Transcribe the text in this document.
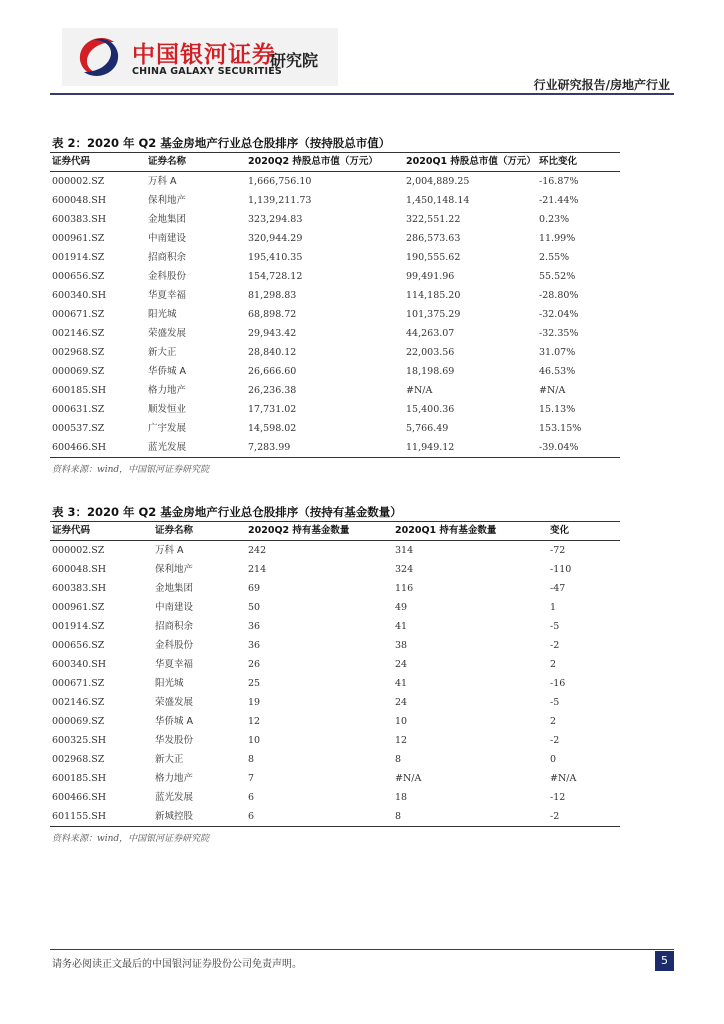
中国银河证券
CHINA GALAXY SECURITIES
研究院
行业研究报告/房地产行业
表 2：2020 年 Q2 基金房地产行业总仓股排序（按持股总市值）
证券代码	证券名称	2020Q2 持股总市值（万元）	2020Q1 持股总市值（万元） 环比变化
000002.SZ	万科 A	1,666,756.10	2,004,889.25	-16.87%
600048.SH	保利地产	1,139,211.73	1,450,148.14	-21.44%
600383.SH	金地集团	323,294.83	322,551.22	0.23%
000961.SZ	中南建设	320,944.29	286,573.63	11.99%
001914.SZ	招商积余	195,410.35	190,555.62	2.55%
000656.SZ	金科股份	154,728.12	99,491.96	55.52%
600340.SH	华夏幸福	81,298.83	114,185.20	-28.80%
000671.SZ	阳光城	68,898.72	101,375.29	-32.04%
002146.SZ	荣盛发展	29,943.42	44,263.07	-32.35%
002968.SZ	新大正	28,840.12	22,003.56	31.07%
000069.SZ	华侨城 A	26,666.60	18,198.69	46.53%
600185.SH	格力地产	26,236.38	#N/A	#N/A
000631.SZ	顺发恒业	17,731.02	15,400.36	15.13%
000537.SZ	广宇发展	14,598.02	5,766.49	153.15%
600466.SH	蓝光发展	7,283.99	11,949.12	-39.04%
资料来源：wind，中国银河证券研究院
表 3：2020 年 Q2 基金房地产行业总仓股排序（按持有基金数量）
证券代码	证券名称	2020Q2 持有基金数量	2020Q1 持有基金数量	变化
000002.SZ	万科 A	242	314	-72
600048.SH	保利地产	214	324	-110
600383.SH	金地集团	69	116	-47
000961.SZ	中南建设	50	49	1
001914.SZ	招商积余	36	41	-5
000656.SZ	金科股份	36	38	-2
600340.SH	华夏幸福	26	24	2
000671.SZ	阳光城	25	41	-16
002146.SZ	荣盛发展	19	24	-5
000069.SZ	华侨城 A	12	10	2
600325.SH	华发股份	10	12	-2
002968.SZ	新大正	8	8	0
600185.SH	格力地产	7	#N/A	#N/A
600466.SH	蓝光发展	6	18	-12
601155.SH	新城控股	6	8	-2
资料来源：wind，中国银河证券研究院
请务必阅读正文最后的中国银河证券股份公司免责声明。	5
